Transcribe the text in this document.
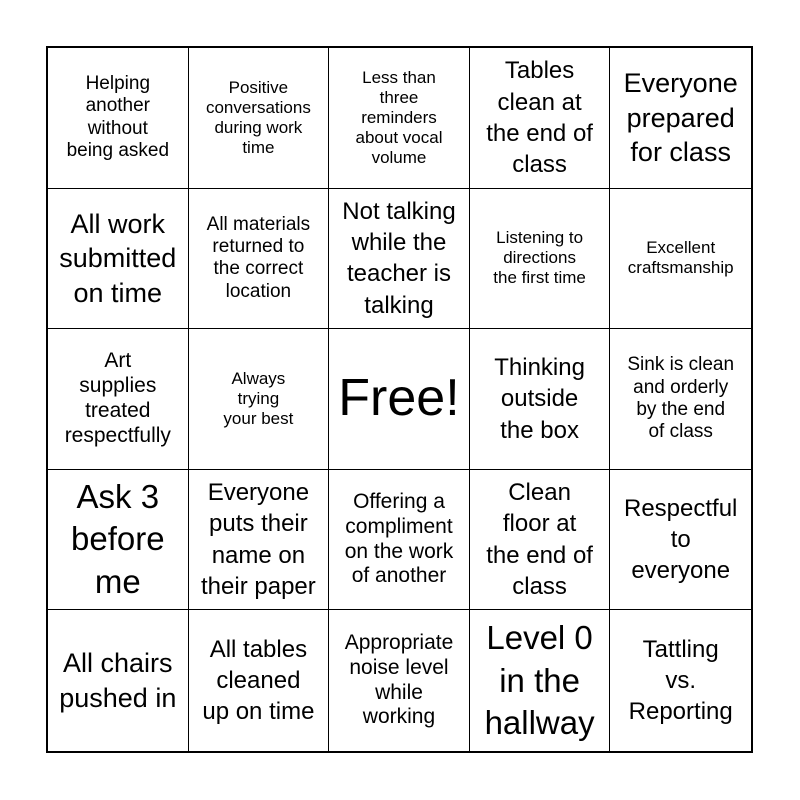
Helping
another
without
being asked
Positive
conversations
during work
time
Less than
three
reminders
about vocal
volume
Tables
clean at
the end of
class
Everyone
prepared
for class
All work
submitted
on time
All materials
returned to
the correct
location
Not talking
while the
teacher is
talking
Listening to
directions
the first time
Excellent
craftsmanship
Art
supplies
treated
respectfully
Always
trying
your best Free!
Thinking
outside
the box
Sink is clean
and orderly
by the end
of class
Ask 3
before
me
Everyone
puts their
name on
their paper
Offering a
compliment
on the work
of another
Clean
floor at
the end of
class
Respectful
to
everyone
All chairs
pushed in
All tables
cleaned
up on time
Appropriate
noise level
while
working
Level 0
in the
hallway
Tattling
vs.
Reporting
